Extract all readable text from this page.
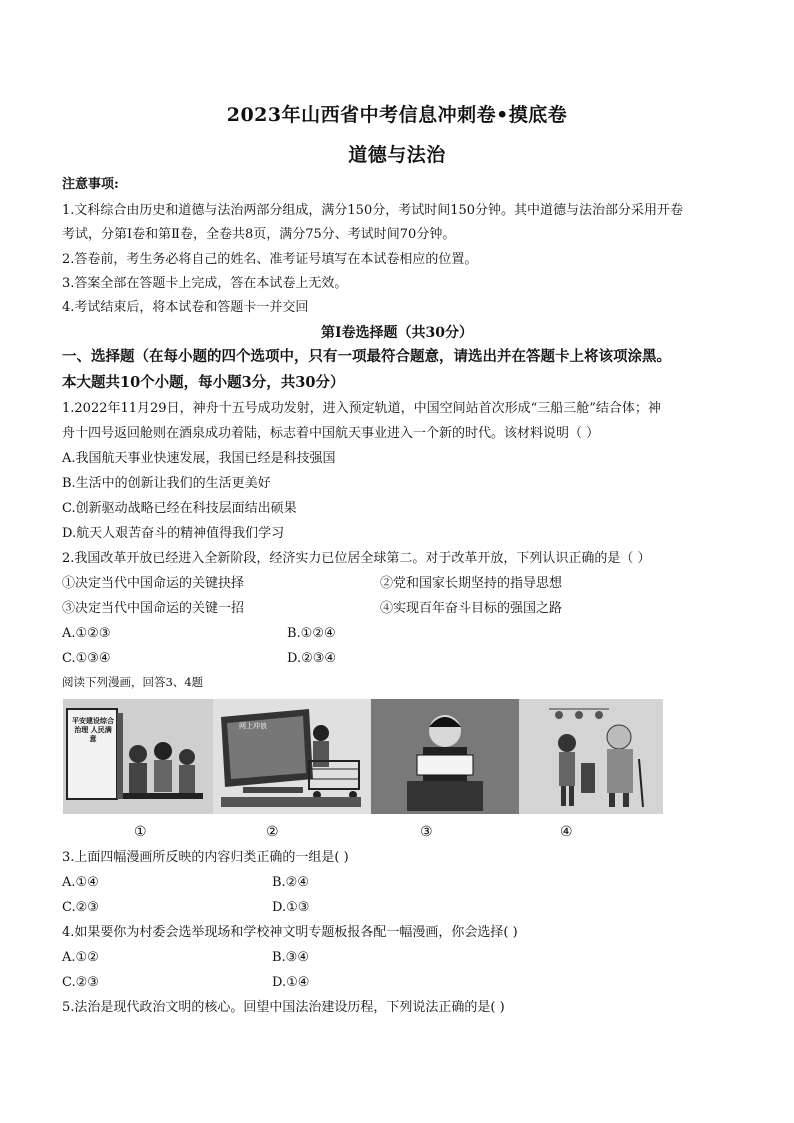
2023年山西省中考信息冲刺卷•摸底卷
道德与法治
注意事项:
1.文科综合由历史和道德与法治两部分组成，满分150分，考试时间150分钟。其中道德与法治部分采用开卷
考试，分第Ⅰ卷和第Ⅱ卷，全卷共8页，满分75分、考试时间70分钟。
2.答卷前，考生务必将自己的姓名、准考证号填写在本试卷相应的位置。
3.答案全部在答题卡上完成，答在本试卷上无效。
4.考试结束后，将本试卷和答题卡一并交回
第Ⅰ卷选择题（共30分）
一、选择题（在每小题的四个选项中，只有一项最符合题意，请选出并在答题卡上将该项涂黑。
本大题共10个小题，每小题3分，共30分）
1.2022年11月29日，神舟十五号成功发射，进入预定轨道，中国空间站首次形成“三船三舱”结合体；神
舟十四号返回舱则在酒泉成功着陆，标志着中国航天事业进入一个新的时代。该材料说明（ ）
A.我国航天事业快速发展，我国已经是科技强国
B.生活中的创新让我们的生活更美好
C.创新驱动战略已经在科技层面结出硕果
D.航天人艰苦奋斗的精神值得我们学习
2.我国改革开放已经进入全新阶段，经济实力已位居全球第二。对于改革开放，下列认识正确的是（ ）
①决定当代中国命运的关键抉择	②党和国家长期坚持的指导思想
③决定当代中国命运的关键一招	④实现百年奋斗目标的强国之路
A.①②③	B.①②④
C.①③④	D.②③④
阅读下列漫画，回答3、4题
平安建设综合治理 人民满意
网上冲浪
①	②	③	④
3.上面四幅漫画所反映的内容归类正确的一组是( )
A.①④	B.②④
C.②③	D.①③
4.如果要你为村委会选举现场和学校神文明专题板报各配一幅漫画，你会选择( )
A.①②	B.③④
C.②③	D.①④
5.法治是现代政治文明的核心。回望中国法治建设历程，下列说法正确的是( )
